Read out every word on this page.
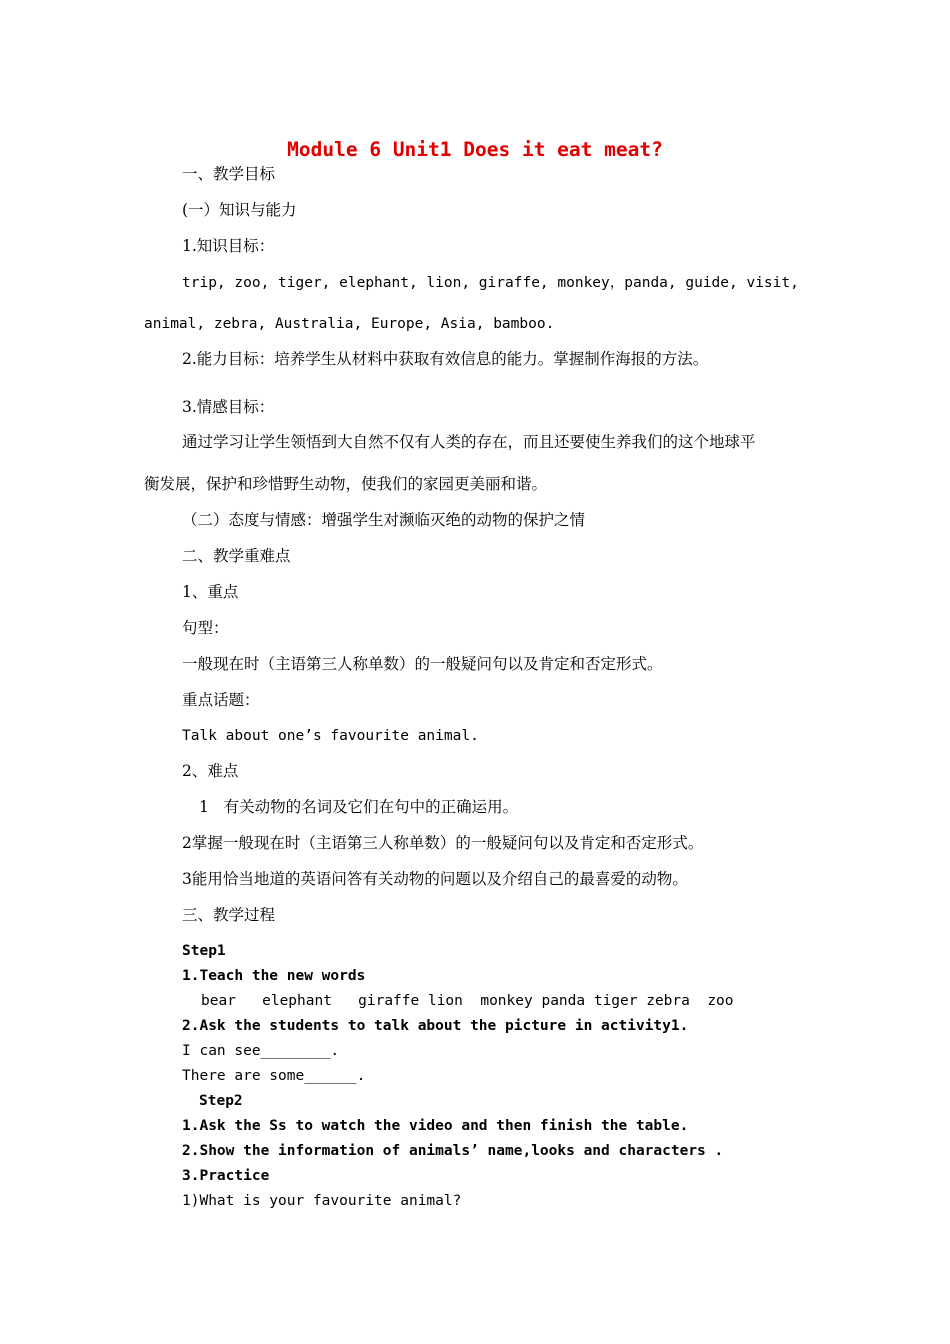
Module 6 Unit1 Does it eat meat?
一、教学目标
(一）知识与能力
1.知识目标：
trip, zoo, tiger, elephant, lion, giraffe, monkey，panda, guide, visit,
animal, zebra, Australia, Europe, Asia, bamboo.
2.能力目标：培养学生从材料中获取有效信息的能力。掌握制作海报的方法。
3.情感目标：
通过学习让学生领悟到大自然不仅有人类的存在，而且还要使生养我们的这个地球平
衡发展，保护和珍惜野生动物，使我们的家园更美丽和谐。
（二）态度与情感：增强学生对濒临灭绝的动物的保护之情
二、教学重难点
1、重点
句型：
一般现在时（主语第三人称单数）的一般疑问句以及肯定和否定形式。
重点话题：
Talk about one’s favourite animal.
2、难点
1   有关动物的名词及它们在句中的正确运用。
2掌握一般现在时（主语第三人称单数）的一般疑问句以及肯定和否定形式。
3能用恰当地道的英语问答有关动物的问题以及介绍自己的最喜爱的动物。
三、教学过程
Step1
1.Teach the new words
bear   elephant   giraffe lion  monkey panda tiger zebra  zoo
2.Ask the students to talk about the picture in activity1.
I can see________.
There are some______.
Step2
1.Ask the Ss to watch the video and then finish the table.
2.Show the information of animals’ name,looks and characters .
3.Practice
1)What is your favourite animal?
